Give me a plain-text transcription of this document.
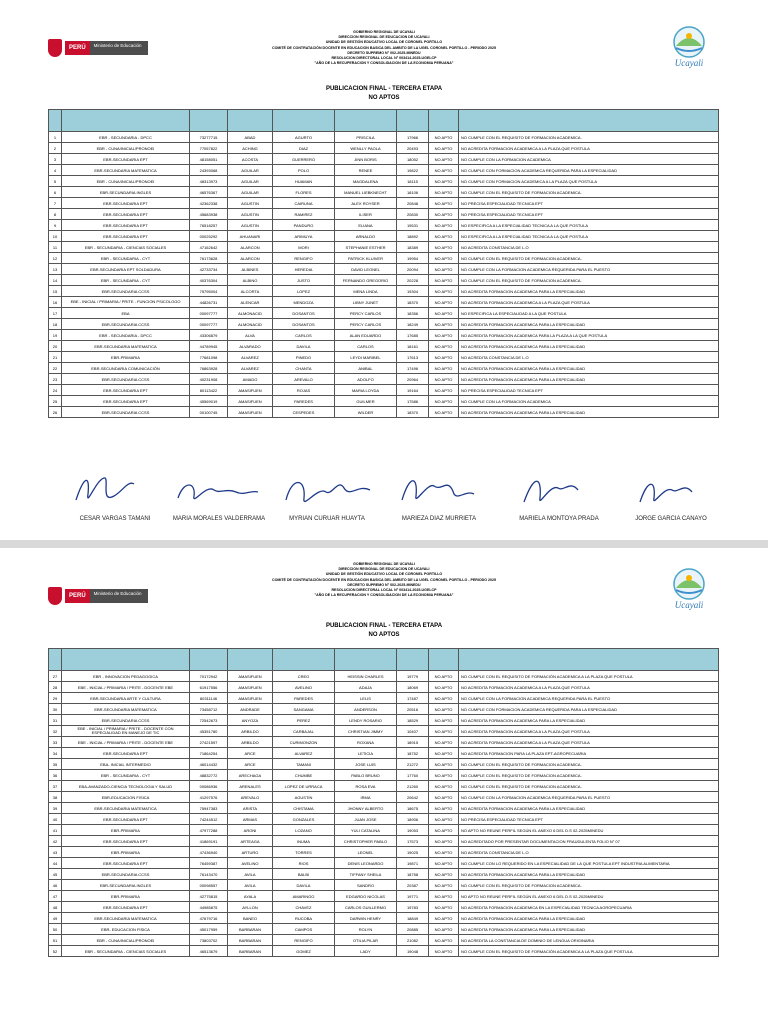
PERÚ	Ministerio de Educación
Ucayali
GOBIERNO REGIONAL DE UCAYALI
DIRECCION REGIONAL DE EDUCACION DE UCAYALI
UNIDAD DE GESTIÓN EDUCATIVO LOCAL DE CORONEL PORTILLO
COMITÉ DE CONTRATACIÓN DOCENTE EN EDUCACION BASICA DEL AMBITO DE LA UGEL CORONEL PORTILLO - PERIODO 2025
DECRETO SUPREMO N° 002-2025-MINEDU
RESOLUCION DIRECTORAL LOCAL N° 003414-2025-UGELCP
"AÑO DE LA RECUPERACION Y CONSOLIDACION DE LA ECONOMIA PERUANA"
PUBLICACION FINAL - TERCERA ETAPA
NO APTOS

1	EBR - SECUNDARIA - DPCC	73277715	ABAD	AGURTO	PRISCILA	17966	NO APTO	NO CUMPLE CON EL REQUISITO DE FORMACION ACADEMICA.
2	EBR - CUNA/INICIAL/PRONOEI	77057822	ACHING	DIAZ	WENLLY PAOLA	20493	NO APTO	NO ACREDITA FORMACION ACADEMICA A LA PLAZA QUE POSTULA
3	EBR-SECUNDARIA EPT	48158051	ACOSTA	GUERRERO	JINN BORIS	18052	NO APTO	NO CUMPLE CON LA FORMACION ACADEMICA
4	EBR-SECUNDARIA MATEMATICA	24393068	AGUILAR	POLO	RENEE	19822	NO APTO	NO CUMPLE CON FORMACION ACADEMICA REQUERIDA PARA LA ESPECIALIDAD
5	EBR - CUNA/INICIAL/PRONOEI	48313973	AGUILAR	HUAMAN	MAGDALENA	18115	NO APTO	NO CUMPLE CON FORMACION ACADEMICA A LA PLAZA QUE POSTULA
6	EBR-SECUNDARIA INGLES	46576367	AGUILAR	FLORES	MANUEL LIEBKNECHT	18106	NO APTO	NO CUMPLE CON EL REQUISITO DE FORMACION ACADEMICA.
7	EBR-SECUNDARIA EPT	42362338	AGUSTIN	CAIRUNA	ALEX ROYSER	20848	NO APTO	NO PRECISA ESPECIALIDAD TECNICA EPT
8	EBR-SECUNDARIA EPT	45683938	AGUSTIN	RAMIREZ	ILISER	20830	NO APTO	NO PRECISA ESPECIALIDAD TECNICA EPT
9	EBR-SECUNDARIA EPT	76518257	AGUSTIN	PANDURO	ELIANA	19531	NO APTO	NO ESPECIFICA A LA ESPECIALIDAD TECNICA A LA QUE POSTULA
10	EBR-SECUNDARIA EPT	00025292	AHUANARI	ARIMUYA	ARNALDO	18892	NO APTO	NO ESPECIFICA A LA ESPECIALIDAD TECNICA A LA QUE POSTULA
11	EBR - SECUNDARIA - CIENCIAS SOCIALES	47162642	ALARCON	MORI	STEPHANIE ESTHER	18389	NO APTO	NO ACREDITA CONSTANCIA DE L.O
12	EBR - SECUNDARIA - CYT	76173628	ALARCON	RENGIFO	PATRICK KLUIVER	19954	NO APTO	NO CUMPLE CON EL REQUISITO DE FORMACION ACADEMICA.
13	EBR-SECUNDARIA EPT SOLDADURA	42733734	ALBINES	HEREDIA	DAVID LEONEL	20094	NO APTO	NO CUMPLE CON LA FORMACION ACADEMICA REQUERIDA PARA EL PUESTO
14	EBR - SECUNDARIA - CYT	40376304	ALBINO	JUSTO	FERNANDO GREGORIO	20228	NO APTO	NO CUMPLE CON EL REQUISITO DE FORMACION ACADEMICA.
15	EBR-SECUNDARIA CCSS	75795004	ALCORTA	LOPEZ	MENA LINDA	19304	NO APTO	NO ACREDITA FORMACION ACADEMICA PARA LA ESPECIALIDAD
16	EBE - INICIAL / PRIMARIA / PRITE - FUNCION PSICOLOGO	44826731	ALENCAR	MENDOZA	LIBNY JUNET	18370	NO APTO	NO ACREDITA FORMACION ACADEMICA A LA PLAZA QUE POSTULA
17	EBA	00097777	ALMONACID	DOSANTOS	PERCY CARLOS	18356	NO APTO	NO ESPECIFICA LA ESPECIALIDAD A LA QUE POSTULA
18	EBR-SECUNDARIA CCSS	00097777	ALMONACID	DOSANTOS	PERCY CARLOS	18249	NO APTO	NO ACREDITA FORMACION ACADEMICA PARA LA ESPECIALIDAD
19	EBR - SECUNDARIA - DPCC	43306879	ALVA	CARLOS	ALAN EDUARDO	17685	NO APTO	NO ACREDITA FORMACION ACADEMICA PARA LA PLAZA A LA QUE POSTULA
20	EBR-SECUNDARIA MATEMATICA	44789945	ALVARADO	DAVILA	CARLOS	18161	NO APTO	NO ACREDITA FORMACION ACADEMICA PARA LA ESPECIALIDAD
21	EBR-PRIMARIA	77681098	ALVAREZ	PINEDO	LEYDI MARIBEL	17613	NO APTO	NO ACREDITA CONSTANCIA DE L.O
22	EBR-SECUNDARIA COMUNICACIÓN	76863928	ALVAREZ	CHANTA	ANIBAL	17496	NO APTO	NO ACREDITA FORMACION ACADEMICA PARA LA ESPECIALIDAD
23	EBR-SECUNDARIA CCSS	40231908	AMADO	AREVALO	ADOLFO	20964	NO APTO	NO ACREDITA FORMACION ACADEMICA PARA LA ESPECIALIDAD
24	EBR-SECUNDARIA EPT	80113422	AMASIFUEN	ROJAS	MARIA LOYDA	19164	NO APTO	NO PRECISA ESPECIALIDAD TECNICA EPT
25	EBR-SECUNDARIA EPT	45569019	AMASIFUEN	PAREDES	GUILMER	17586	NO APTO	NO CUMPLE CON LA FORMACION ACADEMICA
26	EBR-SECUNDARIA CCSS	00100745	AMASIFUEN	CESPEDES	WILDER	18370	NO APTO	NO ACREDITA FORMACION ACADEMICA PARA LA ESPECIALIDAD
CESAR VARGAS TAMANI	MARIA MORALES VALDERRAMA	MYRIAN CURUAR HUAYTA	MARIEZA DIAZ MURRIETA	MARIELA MONTOYA PRADA	JORGE GARCIA CANAYO
PERÚ	Ministerio de Educación
Ucayali
GOBIERNO REGIONAL DE UCAYALI
DIRECCION REGIONAL DE EDUCACION DE UCAYALI
UNIDAD DE GESTIÓN EDUCATIVO LOCAL DE CORONEL PORTILLO
COMITÉ DE CONTRATACIÓN DOCENTE EN EDUCACION BASICA DEL AMBITO DE LA UGEL CORONEL PORTILLO - PERIODO 2025
DECRETO SUPREMO N° 002-2025-MINEDU
RESOLUCION DIRECTORAL LOCAL N° 003414-2025-UGELCP
"AÑO DE LA RECUPERACION Y CONSOLIDACION DE LA ECONOMIA PERUANA"
PUBLICACION FINAL - TERCERA ETAPA
NO APTOS

27	EBR - INNOVACION PEDAGOGICA	70172942	AMASIFUEN	CREO	HEISSIN CHARLES	19779	NO APTO	NO CUMPLE CON EL REQUISITO DE FORMACIÓN ACADEMICA A LA PLAZA QUE POSTULA
28	EBE - INICIAL / PRIMARIA / PRITE - DOCENTE EBE	61917556	AMASIFUEN	AVELINO	ADAJA	18069	NO APTO	NO ACREDITA FORMACION ACADEMICA A LA PLAZA QUE POSTULA
29	EBR-SECUNDARIA ARTE Y CULTURA	80311146	AMASIFUEN	PAREDES	LELIS	17487	NO APTO	NO CUMPLE CON LA FORMACION ACADEMICA REQUERIDA PARA EL PUESTO
30	EBR-SECUNDARIA MATEMATICA	73458712	ANDRADE	SANGAMA	ANDERSON	20516	NO APTO	NO CUMPLE CON FORMACION ACADEMICA REQUERIDA PARA LA ESPECIALIDAD
31	EBR-SECUNDARIA CCSS	72542673	ANYOZA	PEREZ	LENDY ROSARIO	18529	NO APTO	NO ACREDITA FORMACION ACADEMICA PARA LA ESPECIALIDAD
32	EBE - INICIAL / PRIMARIA / PRITE - DOCENTE CON ESPECIALIDAD EN MANEJO DE TIC	45351780	ARBILDO	CARBAJAL	CHRISTIAN JIMMY	10407	NO APTO	NO ACREDITA FORMACION ACADEMICA A LA PLAZA QUE POSTULA
33	EBE - INICIAL / PRIMARIA / PRITE - DOCENTE EBE	27421597	ARBILDO	CURIMONZON	ROXANA	18915	NO APTO	NO ACREDITA FORMACION ACADEMICA A LA PLAZA QUE POSTULA
34	EBR-SECUNDARIA EPT	71864254	ARCE	ALVAREZ	LETICIA	18752	NO APTO	NO ACREDITA FORMACION PARA LA PLAZA EPT-AGROPECUARIA
35	EBA- INICIAL INTERMEDIO	46014432	ARCE	TAMANI	JOSE LUIS	21272	NO APTO	NO CUMPLE CON EL REQUISITO DE FORMACION ACADEMICA.
36	EBR - SECUNDARIA - CYT	48832772	ARECHAGA	CHUMBE	PABLO BRUNO	17760	NO APTO	NO CUMPLE CON EL REQUISITO DE FORMACION ACADEMICA.
37	EBA-AVANZADO-CIENCIA TECNOLOGIA Y SALUD	00086936	ARENALES	LOPEZ DE URRACA	ROSA EVA	21260	NO APTO	NO CUMPLE CON EL REQUISITO DE FORMACION ACADEMICA.
38	EBR-EDUCACION FISICA	41297576	AREVALO	AGUSTIN	IRMA	20642	NO APTO	NO CUMPLE CON LA FORMACION ACADEMICA REQUERIDA PARA EL PUESTO
39	EBR-SECUNDARIA MATEMATICA	75947383	ARISTA	CHISTAMA	JHONNY ALBERTO	18675	NO APTO	NO ACREDITA FORMACION ACADEMICA PARA LA ESPECIALIDAD
40	EBR-SECUNDARIA EPT	74244512	ARMAS	GONZALES	JUAN JOSE	18906	NO APTO	NO PRECISA ESPECIALIDAD TECNICA EPT
41	EBR-PRIMARIA	47977288	ARONI	LOZANO	YULI CATALINA	19053	NO APTO	NO APTO NO REUNE PERFIL SEGÚN EL ANEXO 6 DEL D.S 02-2025MINEDU
42	EBR-SECUNDARIA EPT	41869191	ARTEAGA	INUMA	CHRISTOPHER PABLO	17573	NO APTO	NO ACREDITADO POR PRESENTAR DOCUMENTACION FRAUDULENTA FOLIO N° 07
43	EBR-PRIMARIA	47436940	ARTURO	TORRES	LEONEL	19025	NO APTO	NO ACREDITA CONSTANCIA DE L.O
44	EBR-SECUNDARIA EPT	76459387	AVELINO	RIOS	DENIS LEONARDO	19871	NO APTO	NO CUMPLE CON LO REQUERIDO EN LA ESPECIALIDAD DE LA QUE POSTULA EPT INDUSTRIA ALIMENTARIA
45	EBR-SECUNDARIA CCSS	76143470	AVILA	BALBI	TIFFANY SHEILA	18758	NO APTO	NO ACREDITA FORMACION ACADEMICA PARA LA ESPECIALIDAD
46	EBR-SECUNDARIA INGLES	00098557	AVILA	DAVILA	SANDRO	20387	NO APTO	NO CUMPLE CON EL REQUISITO DE FORMACION ACADEMICA.
47	EBR-PRIMARIA	42775815	AYALA	AMARINGO	EDGARDO NICOLAS	19771	NO APTO	NO APTO NO REUNE PERFIL SEGÚN EL ANEXO 6 DEL D.S 02-2025MINEDU
48	EBR-SECUNDARIA EPT	44985875	AYLLON	CHAVEZ	CARLOS GUILLERMO	19783	NO APTO	NO ACREDITA FORMACION ACADEMICA EN LA ESPECIALIDAD TECNICA AGROPECUARIA
49	EBR-SECUNDARIA MATEMATICA	47679716	BANEO	RUCOBA	DARWIN HENRY	18849	NO APTO	NO ACREDITA FORMACION ACADEMICA PARA LA ESPECIALIDAD
50	EBR- EDUCACION FISICA	45017959	BARBARAN	CAMPOS	ROLYN	20885	NO APTO	NO ACREDITA FORMACION ACADEMICA PARA LA ESPECIALIDAD
51	EBR - CUNA/INICIAL/PRONOEI	73803702	BARBARAN	RENGIFO	OTILIA PILAR	21082	NO APTO	NO ACREDITA LA CONSTANCIA DE DOMINIO DE LENGUA ORIGINARIA
52	EBR - SECUNDARIA - CIENCIAS SOCIALES	46513679	BARBARAN	GOMEZ	LADY	19048	NO APTO	NO CUMPLE CON EL REQUISITO DE FORMACIÓN ACADEMICA A LA PLAZA QUE POSTULA
